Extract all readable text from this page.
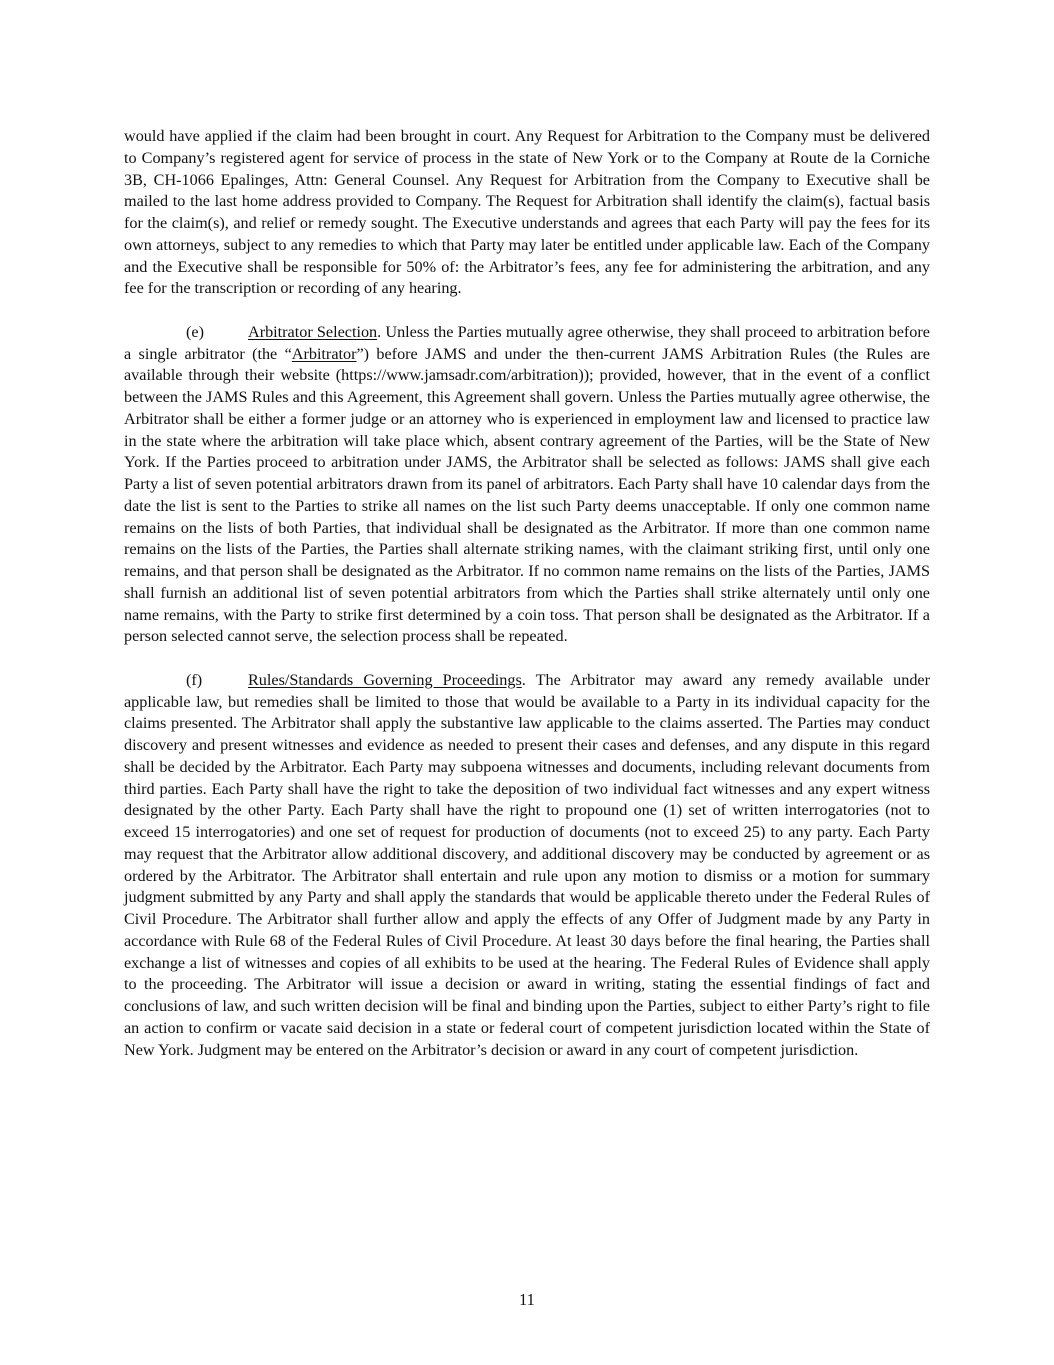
would have applied if the claim had been brought in court. Any Request for Arbitration to the Company must be delivered to Company’s registered agent for service of process in the state of New York or to the Company at Route de la Corniche 3B, CH-1066 Epalinges, Attn: General Counsel. Any Request for Arbitration from the Company to Executive shall be mailed to the last home address provided to Company. The Request for Arbitration shall identify the claim(s), factual basis for the claim(s), and relief or remedy sought. The Executive understands and agrees that each Party will pay the fees for its own attorneys, subject to any remedies to which that Party may later be entitled under applicable law. Each of the Company and the Executive shall be responsible for 50% of: the Arbitrator’s fees, any fee for administering the arbitration, and any fee for the transcription or recording of any hearing.

(e)	Arbitrator Selection. Unless the Parties mutually agree otherwise, they shall proceed to arbitration before a single arbitrator (the “Arbitrator”) before JAMS and under the then-current JAMS Arbitration Rules (the Rules are available through their website (https://www.jamsadr.com/arbitration)); provided, however, that in the event of a conflict between the JAMS Rules and this Agreement, this Agreement shall govern. Unless the Parties mutually agree otherwise, the Arbitrator shall be either a former judge or an attorney who is experienced in employment law and licensed to practice law in the state where the arbitration will take place which, absent contrary agreement of the Parties, will be the State of New York. If the Parties proceed to arbitration under JAMS, the Arbitrator shall be selected as follows: JAMS shall give each Party a list of seven potential arbitrators drawn from its panel of arbitrators. Each Party shall have 10 calendar days from the date the list is sent to the Parties to strike all names on the list such Party deems unacceptable. If only one common name remains on the lists of both Parties, that individual shall be designated as the Arbitrator. If more than one common name remains on the lists of the Parties, the Parties shall alternate striking names, with the claimant striking first, until only one remains, and that person shall be designated as the Arbitrator. If no common name remains on the lists of the Parties, JAMS shall furnish an additional list of seven potential arbitrators from which the Parties shall strike alternately until only one name remains, with the Party to strike first determined by a coin toss. That person shall be designated as the Arbitrator. If a person selected cannot serve, the selection process shall be repeated.

(f)	Rules/Standards Governing Proceedings. The Arbitrator may award any remedy available under applicable law, but remedies shall be limited to those that would be available to a Party in its individual capacity for the claims presented. The Arbitrator shall apply the substantive law applicable to the claims asserted. The Parties may conduct discovery and present witnesses and evidence as needed to present their cases and defenses, and any dispute in this regard shall be decided by the Arbitrator. Each Party may subpoena witnesses and documents, including relevant documents from third parties. Each Party shall have the right to take the deposition of two individual fact witnesses and any expert witness designated by the other Party. Each Party shall have the right to propound one (1) set of written interrogatories (not to exceed 15 interrogatories) and one set of request for production of documents (not to exceed 25) to any party. Each Party may request that the Arbitrator allow additional discovery, and additional discovery may be conducted by agreement or as ordered by the Arbitrator. The Arbitrator shall entertain and rule upon any motion to dismiss or a motion for summary judgment submitted by any Party and shall apply the standards that would be applicable thereto under the Federal Rules of Civil Procedure. The Arbitrator shall further allow and apply the effects of any Offer of Judgment made by any Party in accordance with Rule 68 of the Federal Rules of Civil Procedure. At least 30 days before the final hearing, the Parties shall exchange a list of witnesses and copies of all exhibits to be used at the hearing. The Federal Rules of Evidence shall apply to the proceeding. The Arbitrator will issue a decision or award in writing, stating the essential findings of fact and conclusions of law, and such written decision will be final and binding upon the Parties, subject to either Party’s right to file an action to confirm or vacate said decision in a state or federal court of competent jurisdiction located within the State of New York. Judgment may be entered on the Arbitrator’s decision or award in any court of competent jurisdiction.

11
